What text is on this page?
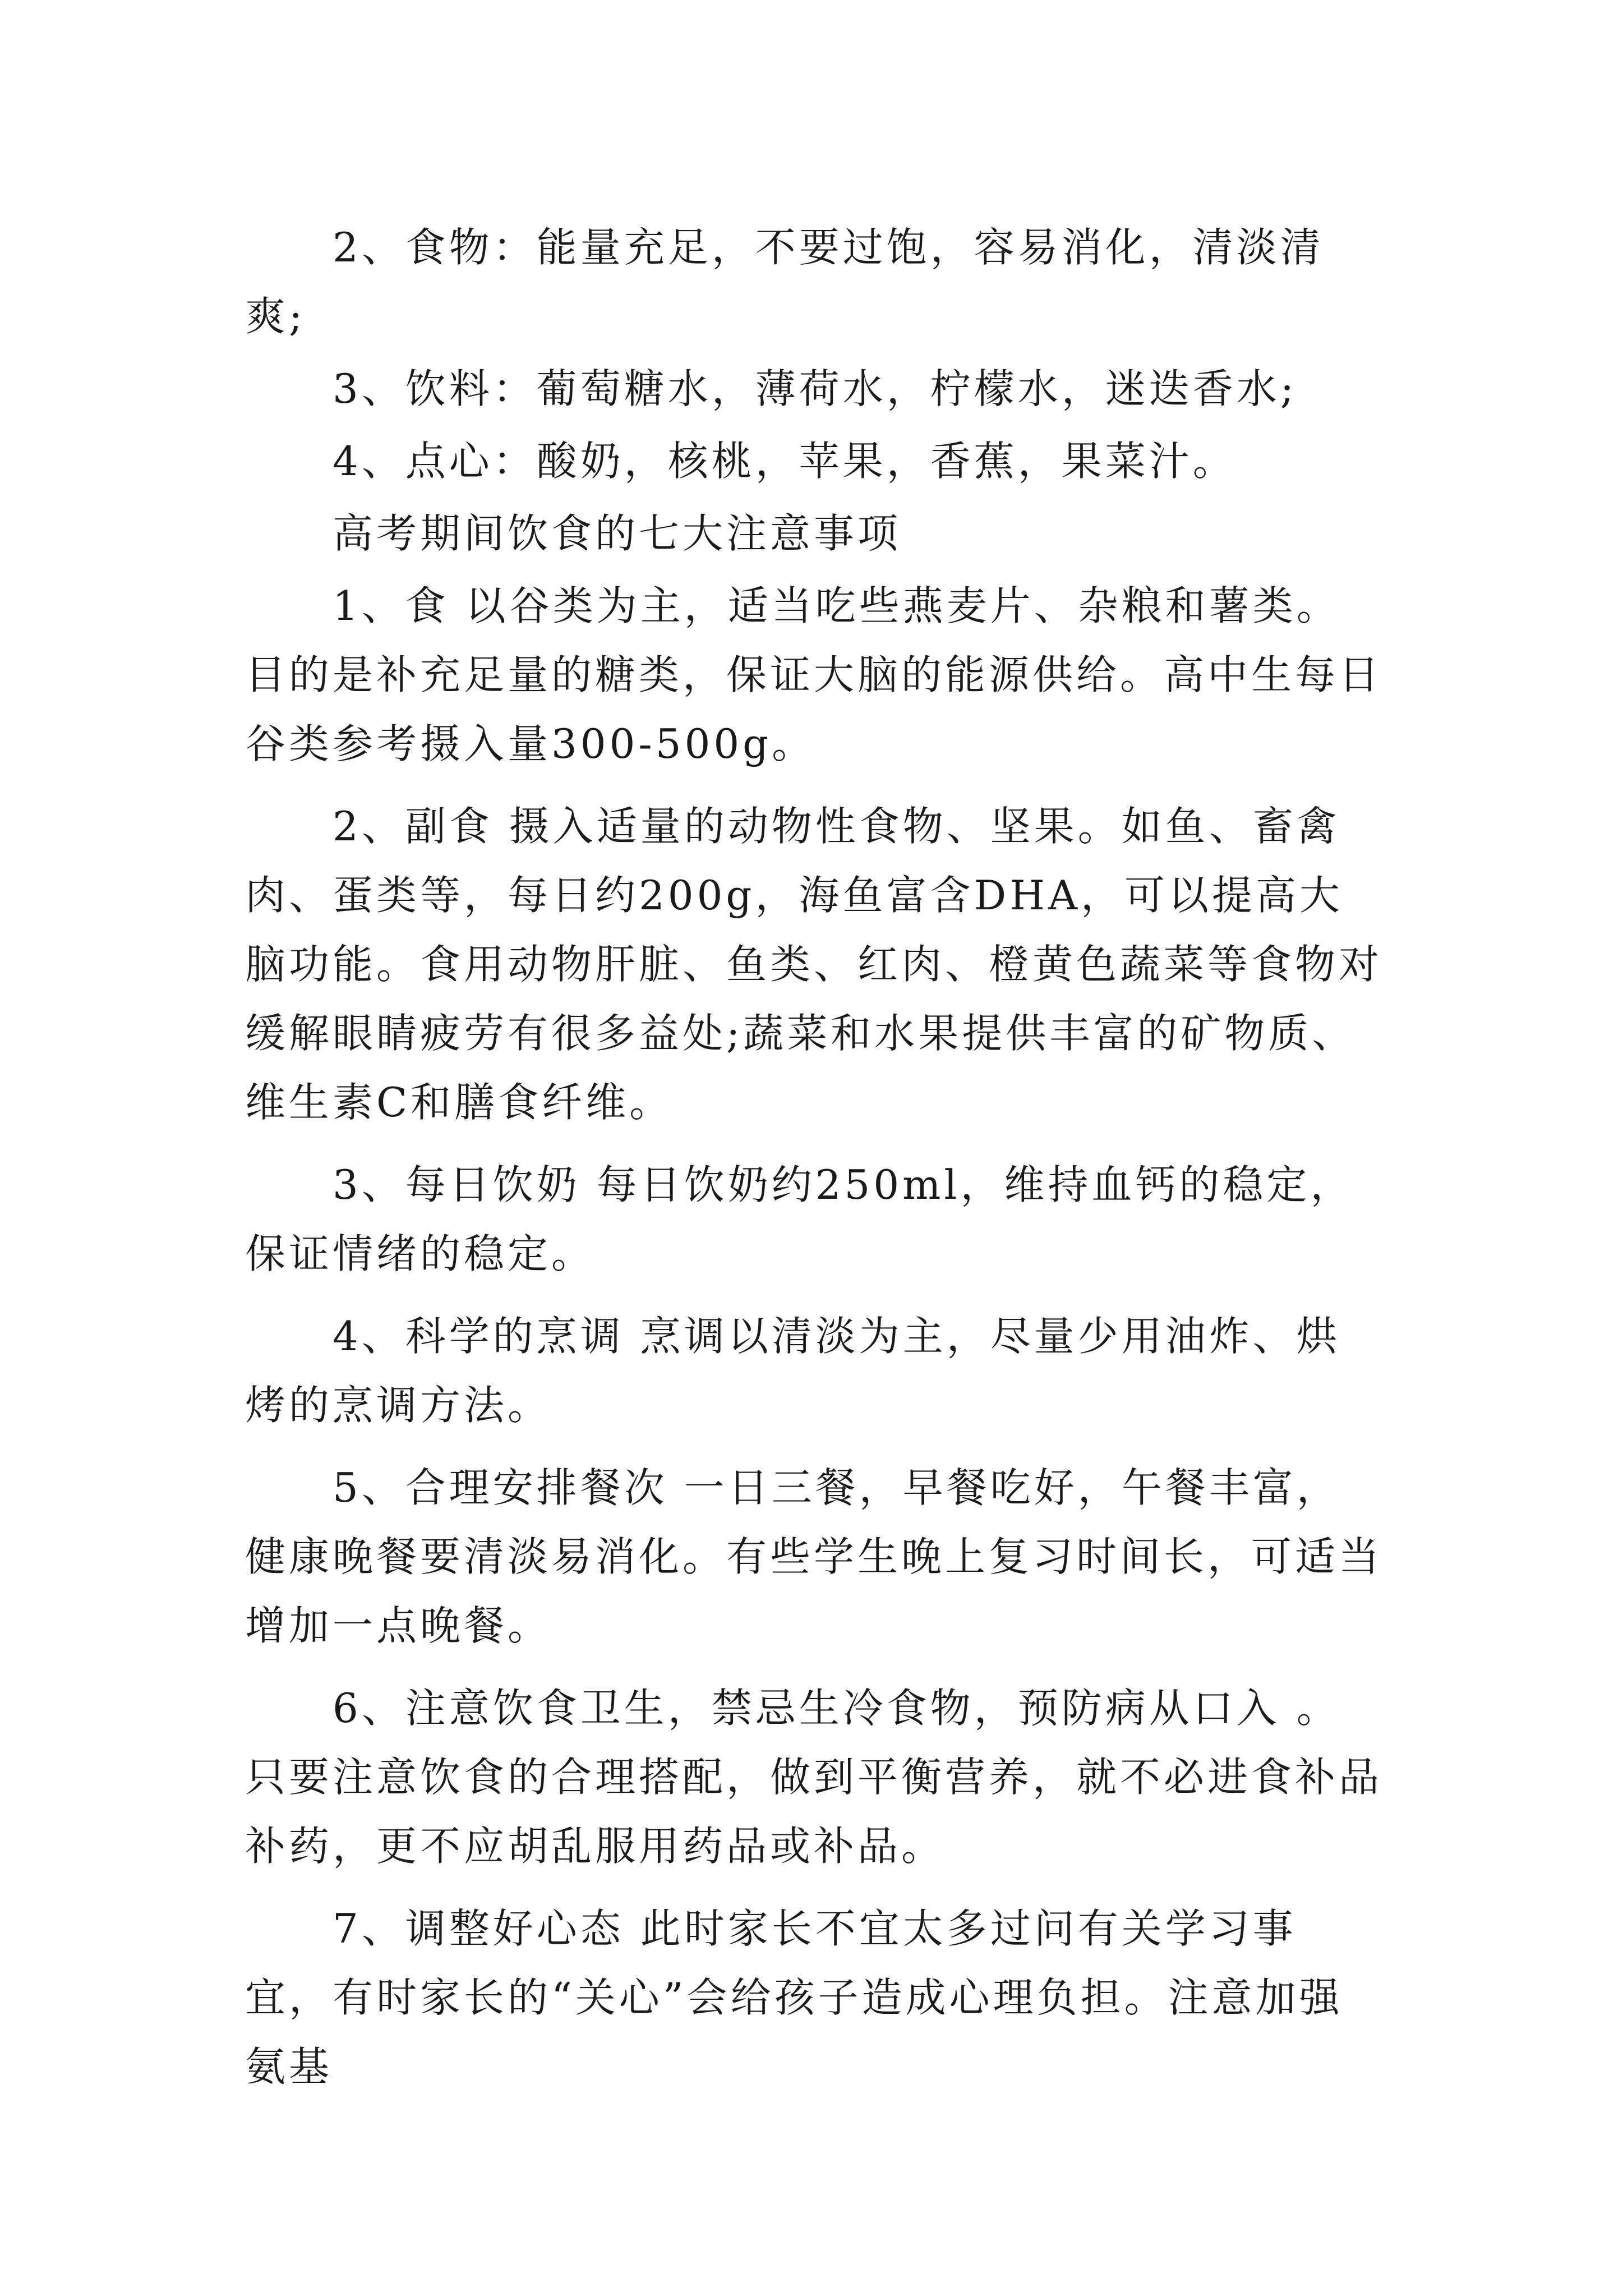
2、食物：能量充足，不要过饱，容易消化，清淡清爽;

3、饮料：葡萄糖水，薄荷水，柠檬水，迷迭香水;

4、点心：酸奶，核桃，苹果，香蕉，果菜汁。

高考期间饮食的七大注意事项

1、食 以谷类为主，适当吃些燕麦片、杂粮和薯类。目的是补充足量的糖类，保证大脑的能源供给。高中生每日谷类参考摄入量300-500g。

2、副食 摄入适量的动物性食物、坚果。如鱼、畜禽肉、蛋类等，每日约200g，海鱼富含DHA，可以提高大脑功能。食用动物肝脏、鱼类、红肉、橙黄色蔬菜等食物对缓解眼睛疲劳有很多益处;蔬菜和水果提供丰富的矿物质、维生素C和膳食纤维。

3、每日饮奶 每日饮奶约250ml，维持血钙的稳定，保证情绪的稳定。

4、科学的烹调 烹调以清淡为主，尽量少用油炸、烘烤的烹调方法。

5、合理安排餐次 一日三餐，早餐吃好，午餐丰富，健康晚餐要清淡易消化。有些学生晚上复习时间长，可适当增加一点晚餐。

6、注意饮食卫生，禁忌生冷食物，预防病从口入 。只要注意饮食的合理搭配，做到平衡营养，就不必进食补品补药，更不应胡乱服用药品或补品。

7、调整好心态 此时家长不宜太多过问有关学习事宜，有时家长的“关心”会给孩子造成心理负担。注意加强氨基
